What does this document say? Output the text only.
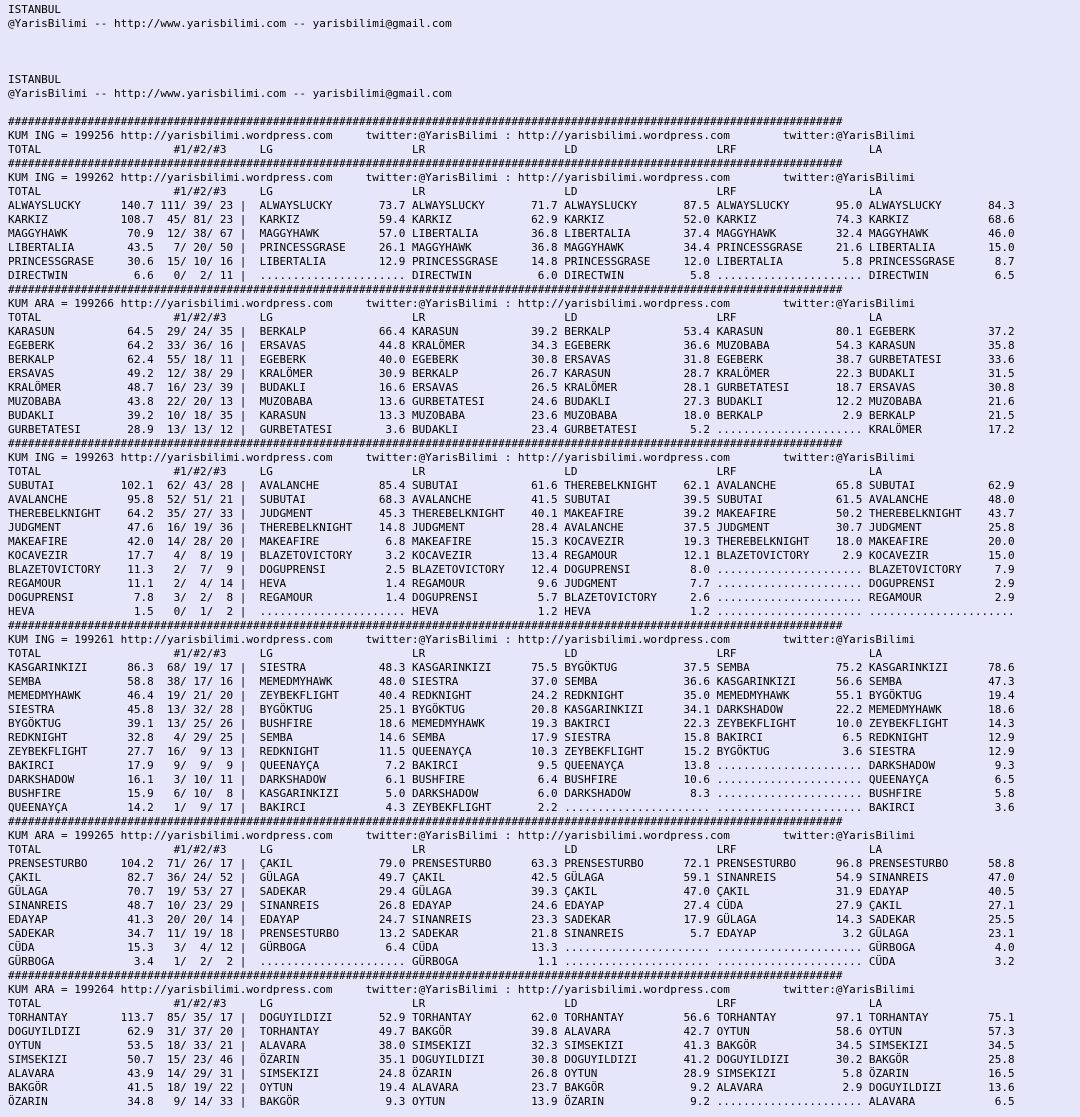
ISTANBUL
@YarisBilimi -- http://www.yarisbilimi.com -- yarisbilimi@gmail.com
ISTANBUL
@YarisBilimi -- http://www.yarisbilimi.com -- yarisbilimi@gmail.com
##############################################################################################################################
KUM ING = 199256 http://yarisbilimi.wordpress.com     twitter:@YarisBilimi : http://yarisbilimi.wordpress.com        twitter:@YarisBilimi
TOTAL                    #1/#2/#3     LG                     LR                     LD                     LRF                    LA
##############################################################################################################################
KUM ING = 199262 http://yarisbilimi.wordpress.com     twitter:@YarisBilimi : http://yarisbilimi.wordpress.com        twitter:@YarisBilimi
TOTAL                    #1/#2/#3     LG                     LR                     LD                     LRF                    LA
ALWAYSLUCKY      140.7 111/ 39/ 23 |  ALWAYSLUCKY       73.7 ALWAYSLUCKY       71.7 ALWAYSLUCKY       87.5 ALWAYSLUCKY       95.0 ALWAYSLUCKY       84.3
KARKIZ           108.7  45/ 81/ 23 |  KARKIZ            59.4 KARKIZ            62.9 KARKIZ            52.0 KARKIZ            74.3 KARKIZ            68.6
MAGGYHAWK         70.9  12/ 38/ 67 |  MAGGYHAWK         57.0 LIBERTALIA        36.8 LIBERTALIA        37.4 MAGGYHAWK         32.4 MAGGYHAWK         46.0
LIBERTALIA        43.5   7/ 20/ 50 |  PRINCESSGRASE     26.1 MAGGYHAWK         36.8 MAGGYHAWK         34.4 PRINCESSGRASE     21.6 LIBERTALIA        15.0
PRINCESSGRASE     30.6  15/ 10/ 16 |  LIBERTALIA        12.9 PRINCESSGRASE     14.8 PRINCESSGRASE     12.0 LIBERTALIA         5.8 PRINCESSGRASE      8.7
DIRECTWIN          6.6   0/  2/ 11 |  ...................... DIRECTWIN          6.0 DIRECTWIN          5.8 ...................... DIRECTWIN          6.5
##############################################################################################################################
KUM ARA = 199266 http://yarisbilimi.wordpress.com     twitter:@YarisBilimi : http://yarisbilimi.wordpress.com        twitter:@YarisBilimi
TOTAL                    #1/#2/#3     LG                     LR                     LD                     LRF                    LA
KARASUN           64.5  29/ 24/ 35 |  BERKALP           66.4 KARASUN           39.2 BERKALP           53.4 KARASUN           80.1 EGEBERK           37.2
EGEBERK           64.2  33/ 36/ 16 |  ERSAVAS           44.8 KRALÖMER          34.3 EGEBERK           36.6 MUZOBABA          54.3 KARASUN           35.8
BERKALP           62.4  55/ 18/ 11 |  EGEBERK           40.0 EGEBERK           30.8 ERSAVAS           31.8 EGEBERK           38.7 GURBETATESI       33.6
ERSAVAS           49.2  12/ 38/ 29 |  KRALÖMER          30.9 BERKALP           26.7 KARASUN           28.7 KRALÖMER          22.3 BUDAKLI           31.5
KRALÖMER          48.7  16/ 23/ 39 |  BUDAKLI           16.6 ERSAVAS           26.5 KRALÖMER          28.1 GURBETATESI       18.7 ERSAVAS           30.8
MUZOBABA          43.8  22/ 20/ 13 |  MUZOBABA          13.6 GURBETATESI       24.6 BUDAKLI           27.3 BUDAKLI           12.2 MUZOBABA          21.6
BUDAKLI           39.2  10/ 18/ 35 |  KARASUN           13.3 MUZOBABA          23.6 MUZOBABA          18.0 BERKALP            2.9 BERKALP           21.5
GURBETATESI       28.9  13/ 13/ 12 |  GURBETATESI        3.6 BUDAKLI           23.4 GURBETATESI        5.2 ...................... KRALÖMER          17.2
##############################################################################################################################
KUM ING = 199263 http://yarisbilimi.wordpress.com     twitter:@YarisBilimi : http://yarisbilimi.wordpress.com        twitter:@YarisBilimi
TOTAL                    #1/#2/#3     LG                     LR                     LD                     LRF                    LA
SUBUTAI          102.1  62/ 43/ 28 |  AVALANCHE         85.4 SUBUTAI           61.6 THEREBELKNIGHT    62.1 AVALANCHE         65.8 SUBUTAI           62.9
AVALANCHE         95.8  52/ 51/ 21 |  SUBUTAI           68.3 AVALANCHE         41.5 SUBUTAI           39.5 SUBUTAI           61.5 AVALANCHE         48.0
THEREBELKNIGHT    64.2  35/ 27/ 33 |  JUDGMENT          45.3 THEREBELKNIGHT    40.1 MAKEAFIRE         39.2 MAKEAFIRE         50.2 THEREBELKNIGHT    43.7
JUDGMENT          47.6  16/ 19/ 36 |  THEREBELKNIGHT    14.8 JUDGMENT          28.4 AVALANCHE         37.5 JUDGMENT          30.7 JUDGMENT          25.8
MAKEAFIRE         42.0  14/ 28/ 20 |  MAKEAFIRE          6.8 MAKEAFIRE         15.3 KOCAVEZIR         19.3 THEREBELKNIGHT    18.0 MAKEAFIRE         20.0
KOCAVEZIR         17.7   4/  8/ 19 |  BLAZETOVICTORY     3.2 KOCAVEZIR         13.4 REGAMOUR          12.1 BLAZETOVICTORY     2.9 KOCAVEZIR         15.0
BLAZETOVICTORY    11.3   2/  7/  9 |  DOGUPRENSI         2.5 BLAZETOVICTORY    12.4 DOGUPRENSI         8.0 ...................... BLAZETOVICTORY     7.9
REGAMOUR          11.1   2/  4/ 14 |  HEVA               1.4 REGAMOUR           9.6 JUDGMENT           7.7 ...................... DOGUPRENSI         2.9
DOGUPRENSI         7.8   3/  2/  8 |  REGAMOUR           1.4 DOGUPRENSI         5.7 BLAZETOVICTORY     2.6 ...................... REGAMOUR           2.9
HEVA               1.5   0/  1/  2 |  ...................... HEVA               1.2 HEVA               1.2 ...................... ......................
##############################################################################################################################
KUM ING = 199261 http://yarisbilimi.wordpress.com     twitter:@YarisBilimi : http://yarisbilimi.wordpress.com        twitter:@YarisBilimi
TOTAL                    #1/#2/#3     LG                     LR                     LD                     LRF                    LA
KASGARINKIZI      86.3  68/ 19/ 17 |  SIESTRA           48.3 KASGARINKIZI      75.5 BYGÖKTUG          37.5 SEMBA             75.2 KASGARINKIZI      78.6
SEMBA             58.8  38/ 17/ 16 |  MEMEDMYHAWK       48.0 SIESTRA           37.0 SEMBA             36.6 KASGARINKIZI      56.6 SEMBA             47.3
MEMEDMYHAWK       46.4  19/ 21/ 20 |  ZEYBEKFLIGHT      40.4 REDKNIGHT         24.2 REDKNIGHT         35.0 MEMEDMYHAWK       55.1 BYGÖKTUG          19.4
SIESTRA           45.8  13/ 32/ 28 |  BYGÖKTUG          25.1 BYGÖKTUG          20.8 KASGARINKIZI      34.1 DARKSHADOW        22.2 MEMEDMYHAWK       18.6
BYGÖKTUG          39.1  13/ 25/ 26 |  BUSHFIRE          18.6 MEMEDMYHAWK       19.3 BAKIRCI           22.3 ZEYBEKFLIGHT      10.0 ZEYBEKFLIGHT      14.3
REDKNIGHT         32.8   4/ 29/ 25 |  SEMBA             14.6 SEMBA             17.9 SIESTRA           15.8 BAKIRCI            6.5 REDKNIGHT         12.9
ZEYBEKFLIGHT      27.7  16/  9/ 13 |  REDKNIGHT         11.5 QUEENAYÇA         10.3 ZEYBEKFLIGHT      15.2 BYGÖKTUG           3.6 SIESTRA           12.9
BAKIRCI           17.9   9/  9/  9 |  QUEENAYÇA          7.2 BAKIRCI            9.5 QUEENAYÇA         13.8 ...................... DARKSHADOW         9.3
DARKSHADOW        16.1   3/ 10/ 11 |  DARKSHADOW         6.1 BUSHFIRE           6.4 BUSHFIRE          10.6 ...................... QUEENAYÇA          6.5
BUSHFIRE          15.9   6/ 10/  8 |  KASGARINKIZI       5.0 DARKSHADOW         6.0 DARKSHADOW         8.3 ...................... BUSHFIRE           5.8
QUEENAYÇA         14.2   1/  9/ 17 |  BAKIRCI            4.3 ZEYBEKFLIGHT       2.2 ...................... ...................... BAKIRCI            3.6
##############################################################################################################################
KUM ARA = 199265 http://yarisbilimi.wordpress.com     twitter:@YarisBilimi : http://yarisbilimi.wordpress.com        twitter:@YarisBilimi
TOTAL                    #1/#2/#3     LG                     LR                     LD                     LRF                    LA
PRENSESTURBO     104.2  71/ 26/ 17 |  ÇAKIL             79.0 PRENSESTURBO      63.3 PRENSESTURBO      72.1 PRENSESTURBO      96.8 PRENSESTURBO      58.8
ÇAKIL             82.7  36/ 24/ 52 |  GÜLAGA            49.7 ÇAKIL             42.5 GÜLAGA            59.1 SINANREIS         54.9 SINANREIS         47.0
GÜLAGA            70.7  19/ 53/ 27 |  SADEKAR           29.4 GÜLAGA            39.3 ÇAKIL             47.0 ÇAKIL             31.9 EDAYAP            40.5
SINANREIS         48.7  10/ 23/ 29 |  SINANREIS         26.8 EDAYAP            24.6 EDAYAP            27.4 CÜDA              27.9 ÇAKIL             27.1
EDAYAP            41.3  20/ 20/ 14 |  EDAYAP            24.7 SINANREIS         23.3 SADEKAR           17.9 GÜLAGA            14.3 SADEKAR           25.5
SADEKAR           34.7  11/ 19/ 18 |  PRENSESTURBO      13.2 SADEKAR           21.8 SINANREIS          5.7 EDAYAP             3.2 GÜLAGA            23.1
CÜDA              15.3   3/  4/ 12 |  GÜRBOGA            6.4 CÜDA              13.3 ...................... ...................... GÜRBOGA            4.0
GÜRBOGA            3.4   1/  2/  2 |  ...................... GÜRBOGA            1.1 ...................... ...................... CÜDA               3.2
##############################################################################################################################
KUM ARA = 199264 http://yarisbilimi.wordpress.com     twitter:@YarisBilimi : http://yarisbilimi.wordpress.com        twitter:@YarisBilimi
TOTAL                    #1/#2/#3     LG                     LR                     LD                     LRF                    LA
TORHANTAY        113.7  85/ 35/ 17 |  DOGUYILDIZI       52.9 TORHANTAY         62.0 TORHANTAY         56.6 TORHANTAY         97.1 TORHANTAY         75.1
DOGUYILDIZI       62.9  31/ 37/ 20 |  TORHANTAY         49.7 BAKGÖR            39.8 ALAVARA           42.7 OYTUN             58.6 OYTUN             57.3
OYTUN             53.5  18/ 33/ 21 |  ALAVARA           38.0 SIMSEKIZI         32.3 SIMSEKIZI         41.3 BAKGÖR            34.5 SIMSEKIZI         34.5
SIMSEKIZI         50.7  15/ 23/ 46 |  ÖZARIN            35.1 DOGUYILDIZI       30.8 DOGUYILDIZI       41.2 DOGUYILDIZI       30.2 BAKGÖR            25.8
ALAVARA           43.9  14/ 29/ 31 |  SIMSEKIZI         24.8 ÖZARIN            26.8 OYTUN             28.9 SIMSEKIZI          5.8 ÖZARIN            16.5
BAKGÖR            41.5  18/ 19/ 22 |  OYTUN             19.4 ALAVARA           23.7 BAKGÖR             9.2 ALAVARA            2.9 DOGUYILDIZI       13.6
ÖZARIN            34.8   9/ 14/ 33 |  BAKGÖR             9.3 OYTUN             13.9 ÖZARIN             9.2 ...................... ALAVARA            6.5
